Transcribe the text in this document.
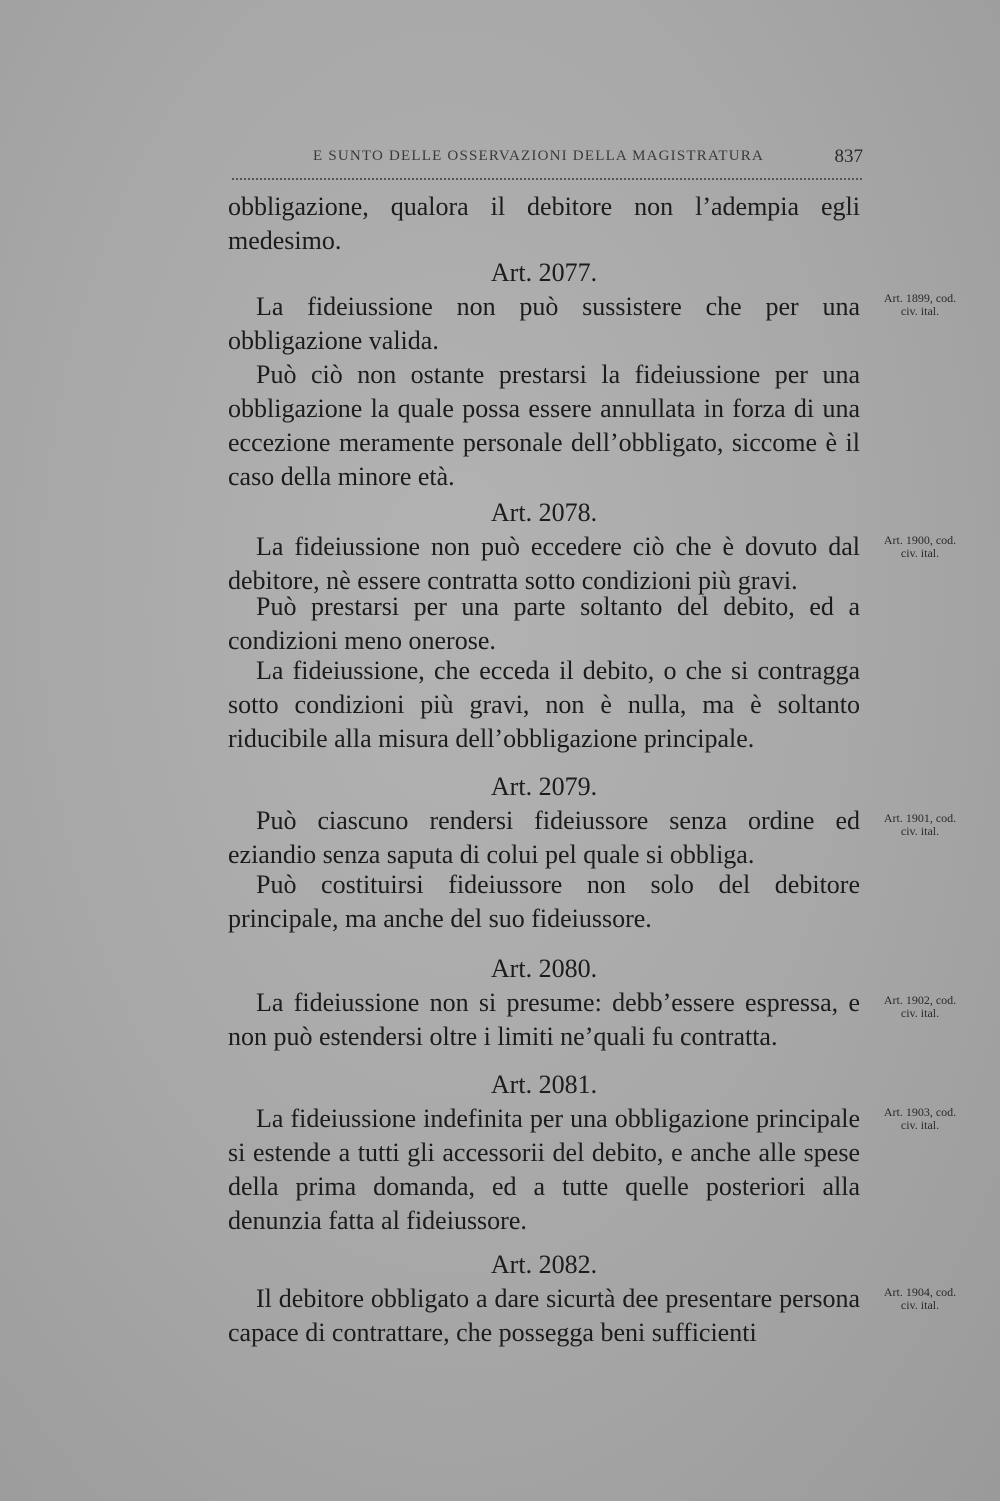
E SUNTO DELLE OSSERVAZIONI DELLA MAGISTRATURA	837

obbligazione, qualora il debitore non l’adempia egli medesimo.

Art. 2077.

La fideiussione non può sussistere che per una obbligazione valida.

Può ciò non ostante prestarsi la fideiussione per una obbligazione la quale possa essere annullata in forza di una eccezione meramente personale dell’obbligato, siccome è il caso della minore età.

Art. 1899, cod.
civ. ital.
Art. 2078.

La fideiussione non può eccedere ciò che è dovuto dal debitore, nè essere contratta sotto condizioni più gravi.

Può prestarsi per una parte soltanto del debito, ed a condizioni meno onerose.

La fideiussione, che ecceda il debito, o che si contragga sotto condizioni più gravi, non è nulla, ma è soltanto riducibile alla misura dell’obbligazione principale.

Art. 1900, cod.
civ. ital.
Art. 2079.

Può ciascuno rendersi fideiussore senza ordine ed eziandio senza saputa di colui pel quale si obbliga.

Può costituirsi fideiussore non solo del debitore principale, ma anche del suo fideiussore.

Art. 1901, cod.
civ. ital.
Art. 2080.

La fideiussione non si presume: debb’essere espressa, e non può estendersi oltre i limiti ne’quali fu contratta.

Art. 1902, cod.
civ. ital.
Art. 2081.

La fideiussione indefinita per una obbligazione principale si estende a tutti gli accessorii del debito, e anche alle spese della prima domanda, ed a tutte quelle posteriori alla denunzia fatta al fideiussore.

Art. 1903, cod.
civ. ital.
Art. 2082.

Il debitore obbligato a dare sicurtà dee presentare persona capace di contrattare, che possegga beni sufficienti

Art. 1904, cod.
civ. ital.
